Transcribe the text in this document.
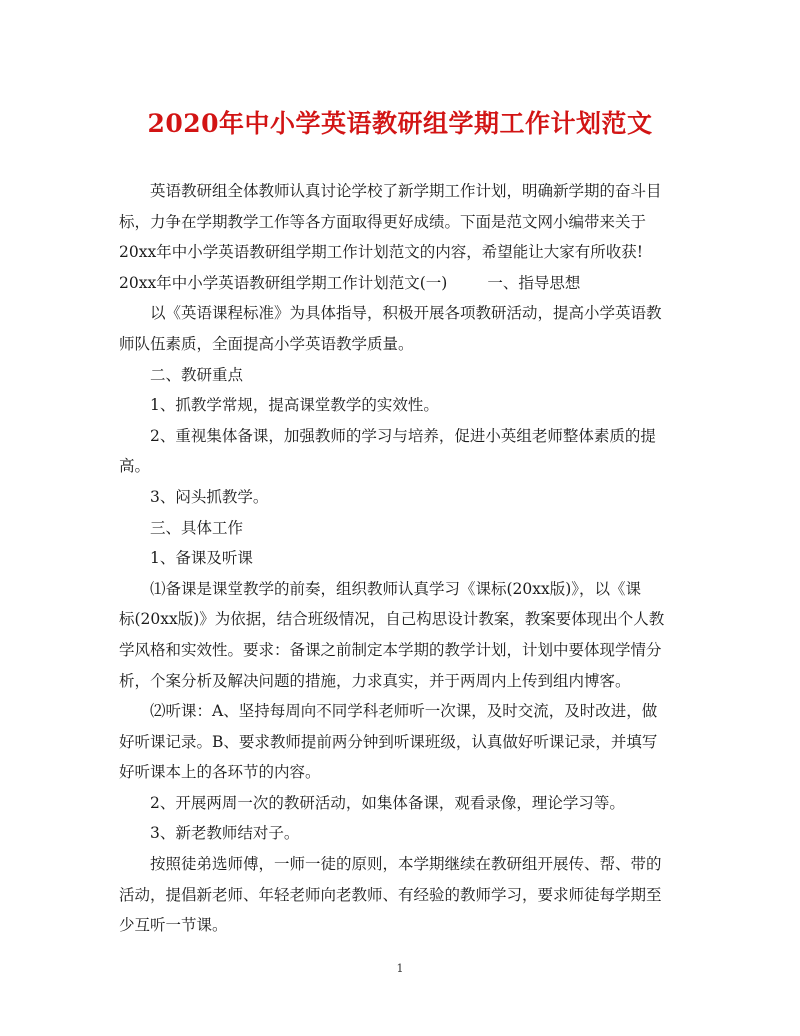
2020年中小学英语教研组学期工作计划范文
英语教研组全体教师认真讨论学校了新学期工作计划，明确新学期的奋斗目
标，力争在学期教学工作等各方面取得更好成绩。下面是范文网小编带来关于
20xx年中小学英语教研组学期工作计划范文的内容，希望能让大家有所收获!
20xx年中小学英语教研组学期工作计划范文(一)	一、指导思想
以《英语课程标准》为具体指导，积极开展各项教研活动，提高小学英语教
师队伍素质，全面提高小学英语教学质量。
二、教研重点
1、抓教学常规，提高课堂教学的实效性。
2、重视集体备课，加强教师的学习与培养，促进小英组老师整体素质的提
高。
3、闷头抓教学。
三、具体工作
1、备课及听课
⑴备课是课堂教学的前奏，组织教师认真学习《课标(20xx版)》，以《课
标(20xx版)》为依据，结合班级情况，自己构思设计教案，教案要体现出个人教
学风格和实效性。要求：备课之前制定本学期的教学计划，计划中要体现学情分
析，个案分析及解决问题的措施，力求真实，并于两周内上传到组内博客。
⑵听课：A、坚持每周向不同学科老师听一次课，及时交流，及时改进，做
好听课记录。B、要求教师提前两分钟到听课班级，认真做好听课记录，并填写
好听课本上的各环节的内容。
2、开展两周一次的教研活动，如集体备课，观看录像，理论学习等。
3、新老教师结对子。
按照徒弟选师傅，一师一徒的原则，本学期继续在教研组开展传、帮、带的
活动，提倡新老师、年轻老师向老教师、有经验的教师学习，要求师徒每学期至
少互听一节课。
1
